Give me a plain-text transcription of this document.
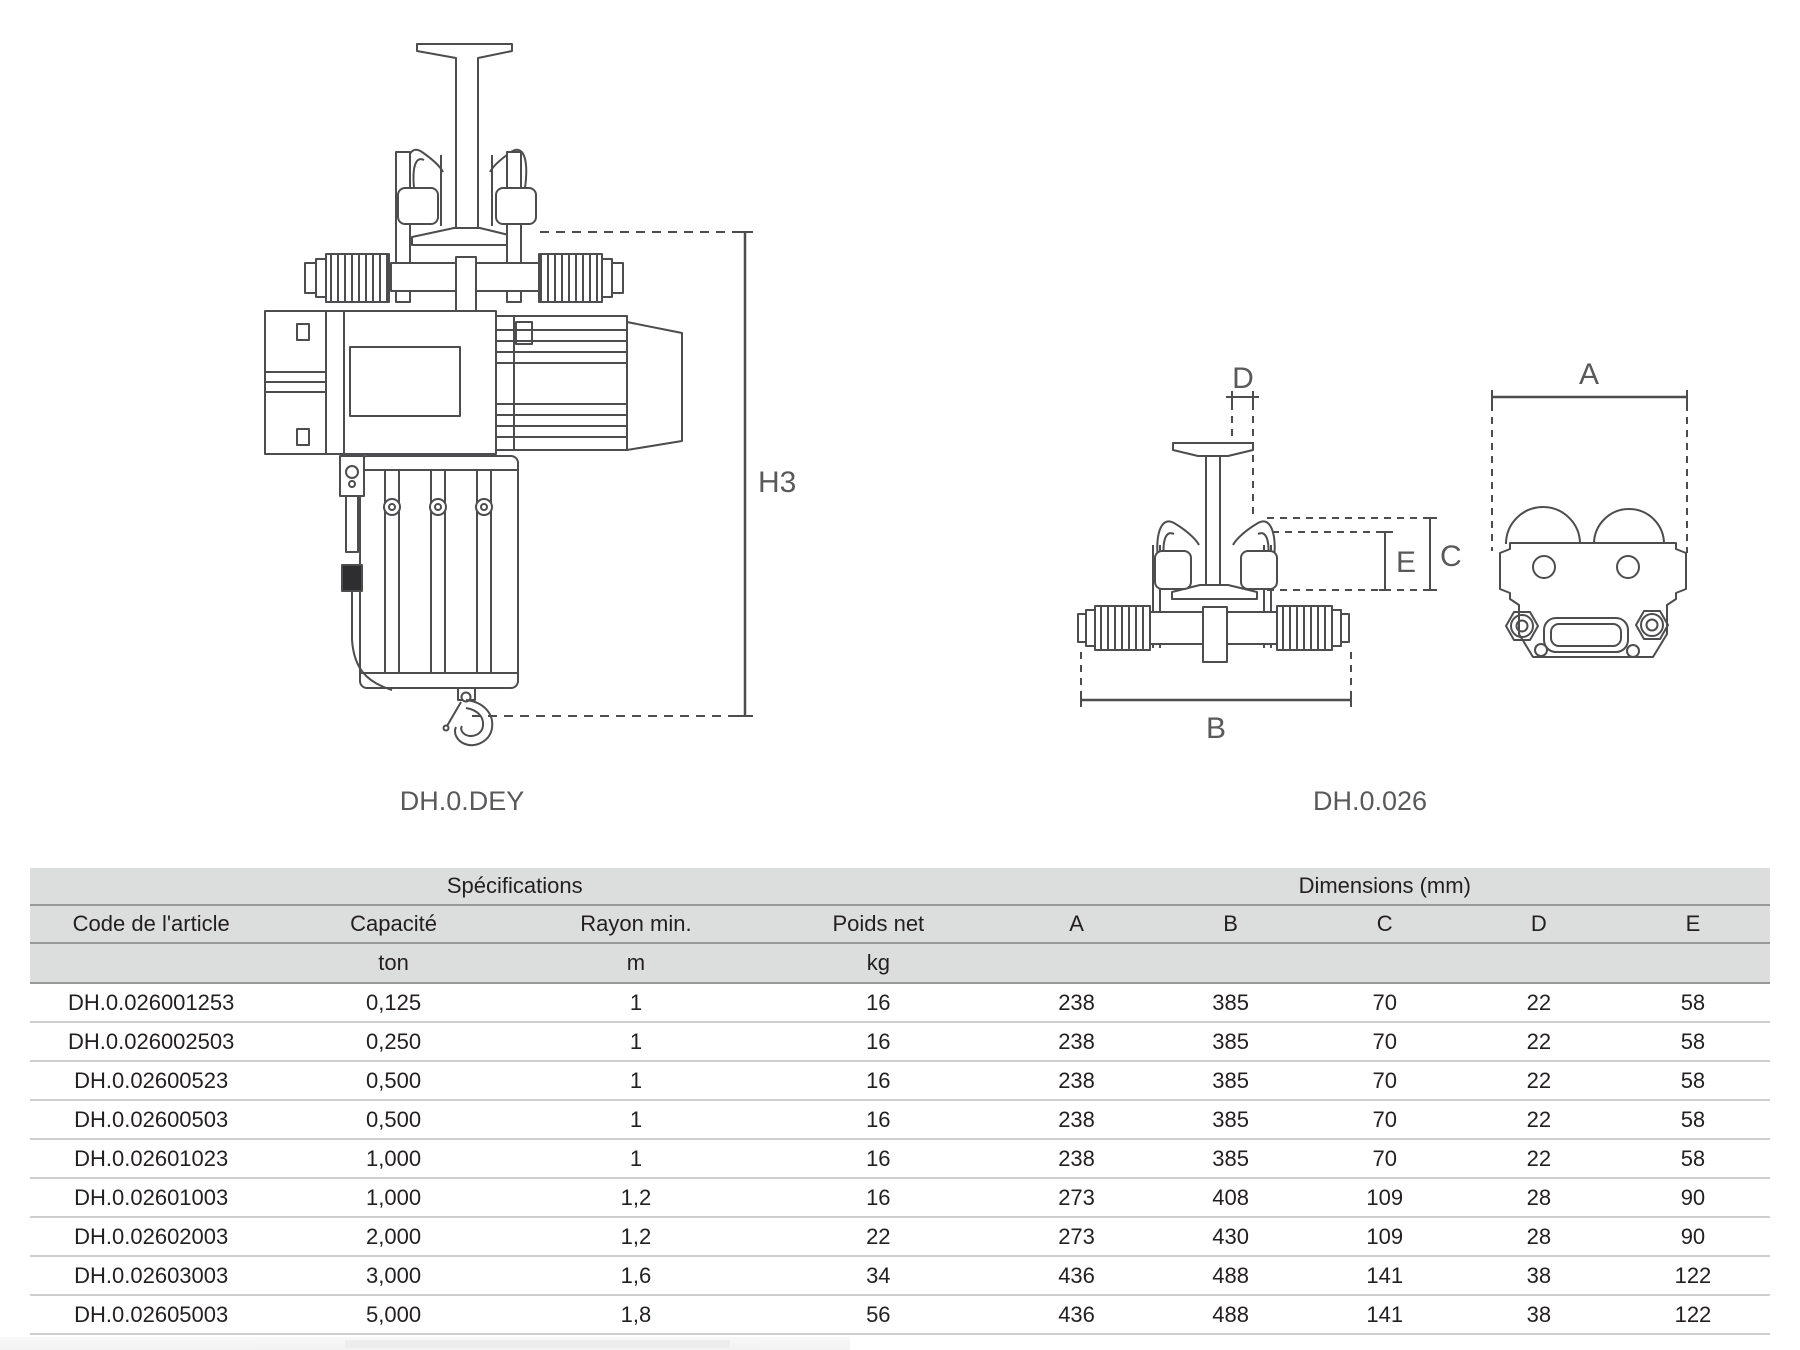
H3
DH.0.DEY
D
E C
B
A
DH.0.026
Spécifications				Dimensions (mm)				
Code de l'article	Capacité	Rayon min.	Poids net	A	B	C	D	E
	ton	m	kg					
DH.0.026001253	0,125	1	16	238	385	70	22	58
DH.0.026002503	0,250	1	16	238	385	70	22	58
DH.0.02600523	0,500	1	16	238	385	70	22	58
DH.0.02600503	0,500	1	16	238	385	70	22	58
DH.0.02601023	1,000	1	16	238	385	70	22	58
DH.0.02601003	1,000	1,2	16	273	408	109	28	90
DH.0.02602003	2,000	1,2	22	273	430	109	28	90
DH.0.02603003	3,000	1,6	34	436	488	141	38	122
DH.0.02605003	5,000	1,8	56	436	488	141	38	122
